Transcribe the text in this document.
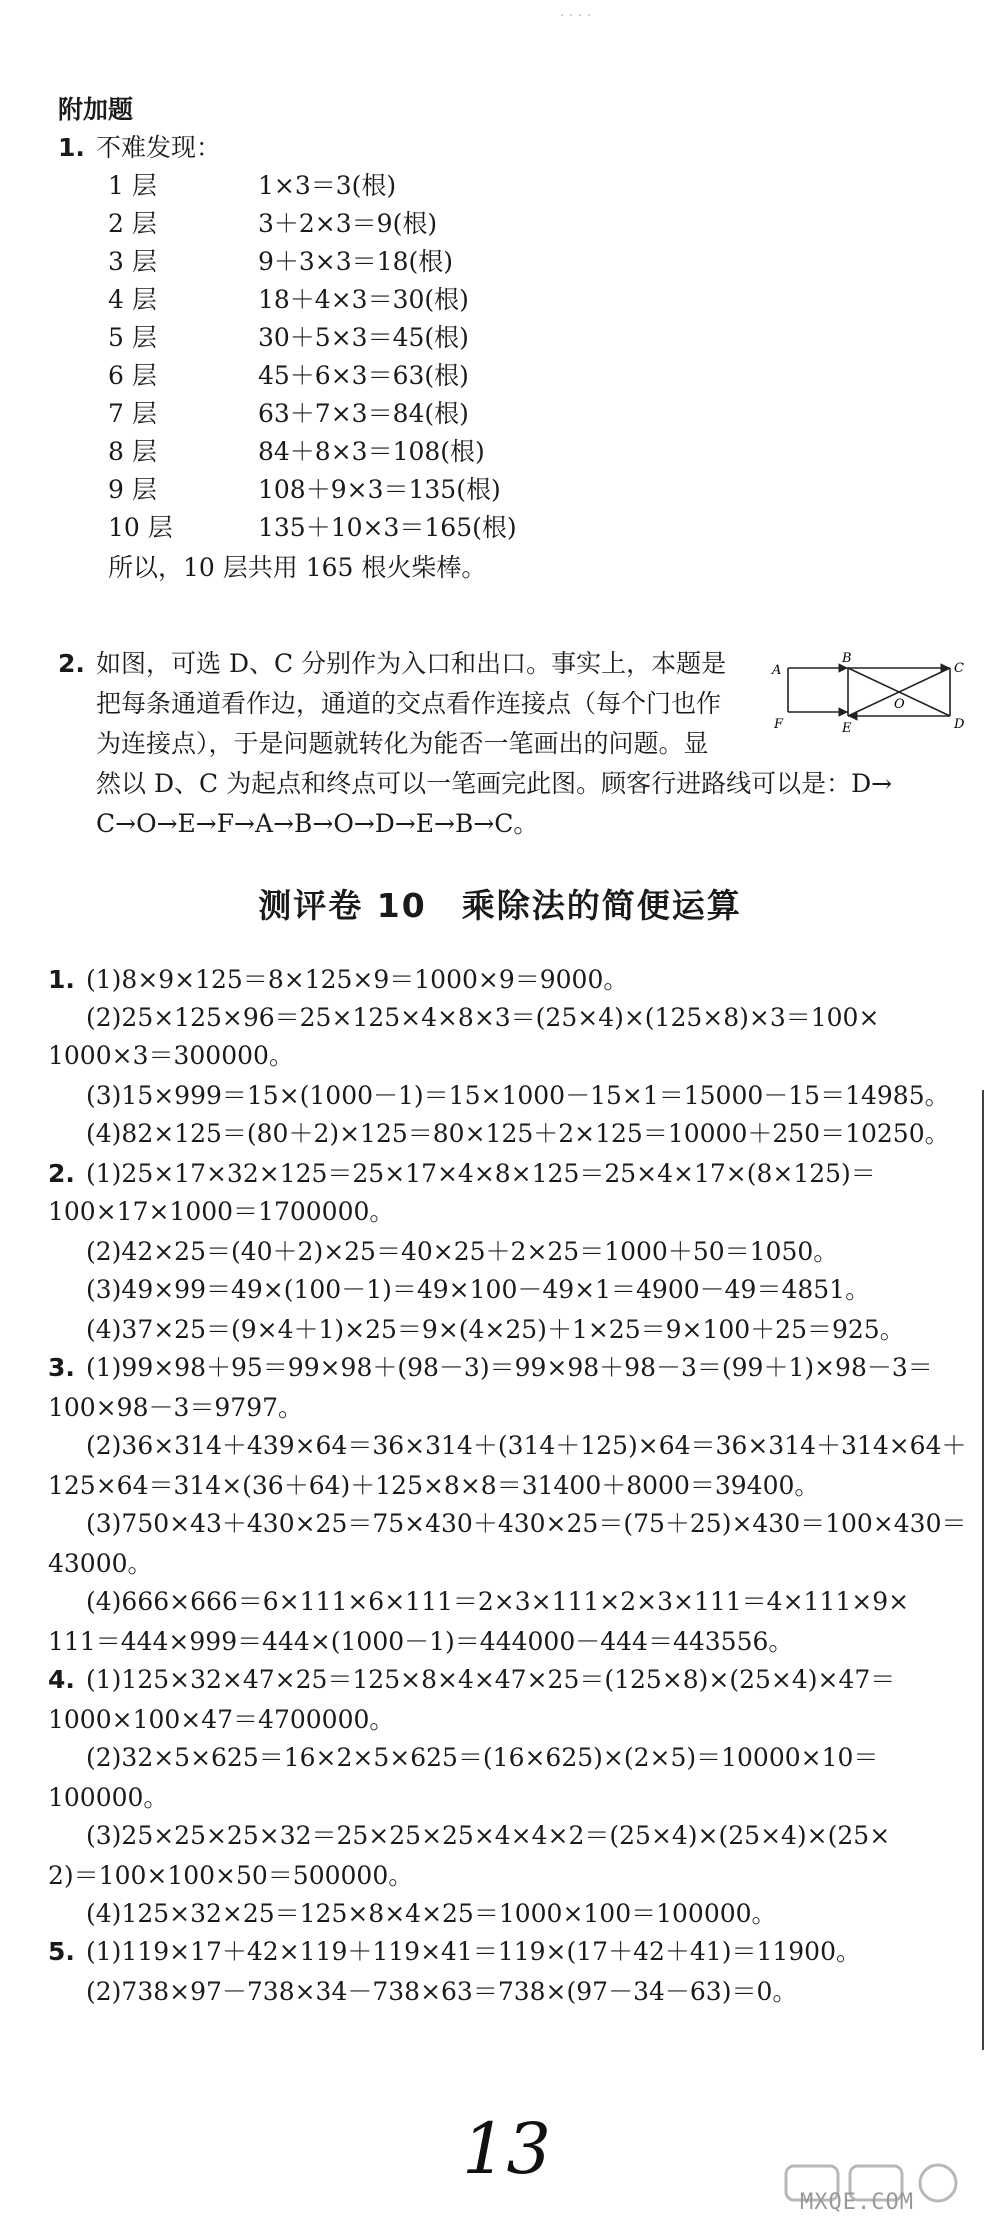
· · · ·
附加题
1. 不难发现：
1 层	1×3＝3(根)
2 层	3＋2×3＝9(根)
3 层	9＋3×3＝18(根)
4 层	18＋4×3＝30(根)
5 层	30＋5×3＝45(根)
6 层	45＋6×3＝63(根)
7 层	63＋7×3＝84(根)
8 层	84＋8×3＝108(根)
9 层	108＋9×3＝135(根)
10 层	135＋10×3＝165(根)
所以，10 层共用 165 根火柴棒。
2. 如图，可选 D、C 分别作为入口和出口。事实上，本题是
把每条通道看作边，通道的交点看作连接点（每个门也作
为连接点），于是问题就转化为能否一笔画出的问题。显
然以 D、C 为起点和终点可以一笔画完此图。顾客行进路线可以是：D→
C→O→E→F→A→B→O→D→E→B→C。
A
B
C
D
E
F
O
测评卷 10　乘除法的简便运算
1. (1)8×9×125＝8×125×9＝1000×9＝9000。
(2)25×125×96＝25×125×4×8×3＝(25×4)×(125×8)×3＝100×
1000×3＝300000。
(3)15×999＝15×(1000－1)＝15×1000－15×1＝15000－15＝14985。
(4)82×125＝(80＋2)×125＝80×125＋2×125＝10000＋250＝10250。
2. (1)25×17×32×125＝25×17×4×8×125＝25×4×17×(8×125)＝
100×17×1000＝1700000。
(2)42×25＝(40＋2)×25＝40×25＋2×25＝1000＋50＝1050。
(3)49×99＝49×(100－1)＝49×100－49×1＝4900－49＝4851。
(4)37×25＝(9×4＋1)×25＝9×(4×25)＋1×25＝9×100＋25＝925。
3. (1)99×98＋95＝99×98＋(98－3)＝99×98＋98－3＝(99＋1)×98－3＝
100×98－3＝9797。
(2)36×314＋439×64＝36×314＋(314＋125)×64＝36×314＋314×64＋
125×64＝314×(36＋64)＋125×8×8＝31400＋8000＝39400。
(3)750×43＋430×25＝75×430＋430×25＝(75＋25)×430＝100×430＝
43000。
(4)666×666＝6×111×6×111＝2×3×111×2×3×111＝4×111×9×
111＝444×999＝444×(1000－1)＝444000－444＝443556。
4. (1)125×32×47×25＝125×8×4×47×25＝(125×8)×(25×4)×47＝
1000×100×47＝4700000。
(2)32×5×625＝16×2×5×625＝(16×625)×(2×5)＝10000×10＝
100000。
(3)25×25×25×32＝25×25×25×4×4×2＝(25×4)×(25×4)×(25×
2)＝100×100×50＝500000。
(4)125×32×25＝125×8×4×25＝1000×100＝100000。
5. (1)119×17＋42×119＋119×41＝119×(17＋42＋41)＝11900。
(2)738×97－738×34－738×63＝738×(97－34－63)＝0。
13
MXQE.COM
